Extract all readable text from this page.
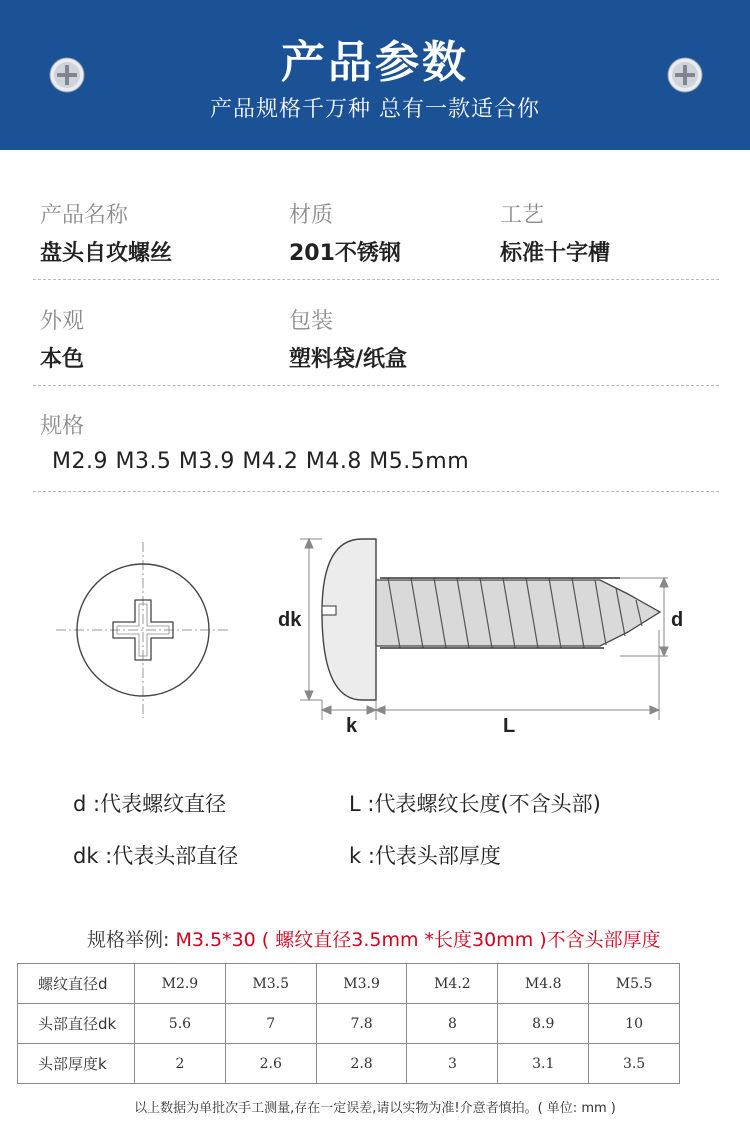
产品参数
产品规格千万种 总有一款适合你
产品名称
盘头自攻螺丝
材质
201不锈钢
工艺
标准十字槽
外观
本色
包装
塑料袋/纸盒
规格
M2.9 M3.5 M3.9 M4.2 M4.8 M5.5mm
dk	d
k	L
d :代表螺纹直径	L :代表螺纹长度(不含头部)
dk :代表头部直径	k :代表头部厚度
规格举例: M3.5*30 ( 螺纹直径3.5mm *长度30mm )不含头部厚度
螺纹直径d	M2.9	M3.5	M3.9	M4.2	M4.8	M5.5
头部直径dk	5.6	7	7.8	8	8.9	10
头部厚度k	2	2.6	2.8	3	3.1	3.5
以上数据为单批次手工测量,存在一定误差,请以实物为准!介意者慎拍。( 单位: mm )
